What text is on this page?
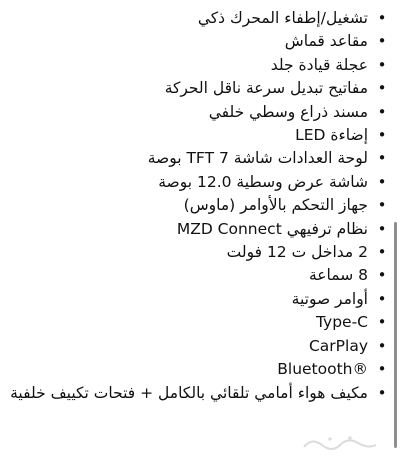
•
تشغيل/إطفاء المحرك ذكي
•
مقاعد قماش
•
عجلة قيادة جلد
•
مفاتيح تبديل سرعة ناقل الحركة
•
مسند ذراع وسطي خلفي
•
إضاءة LED
•
لوحة العدادات شاشة TFT 7 بوصة
•
شاشة عرض وسطية 12.0 بوصة
•
جهاز التحكم بالأوامر (ماوس)
•
نظام ترفيهي MZD Connect
•
2 مداخل ت 12 فولت
•
8 سماعة
•
أوامر صوتية
•
Type-C
•
CarPlay
•
Bluetooth®
•
مكيف هواء أمامي تلقائي بالكامل + فتحات تكييف خلفية
